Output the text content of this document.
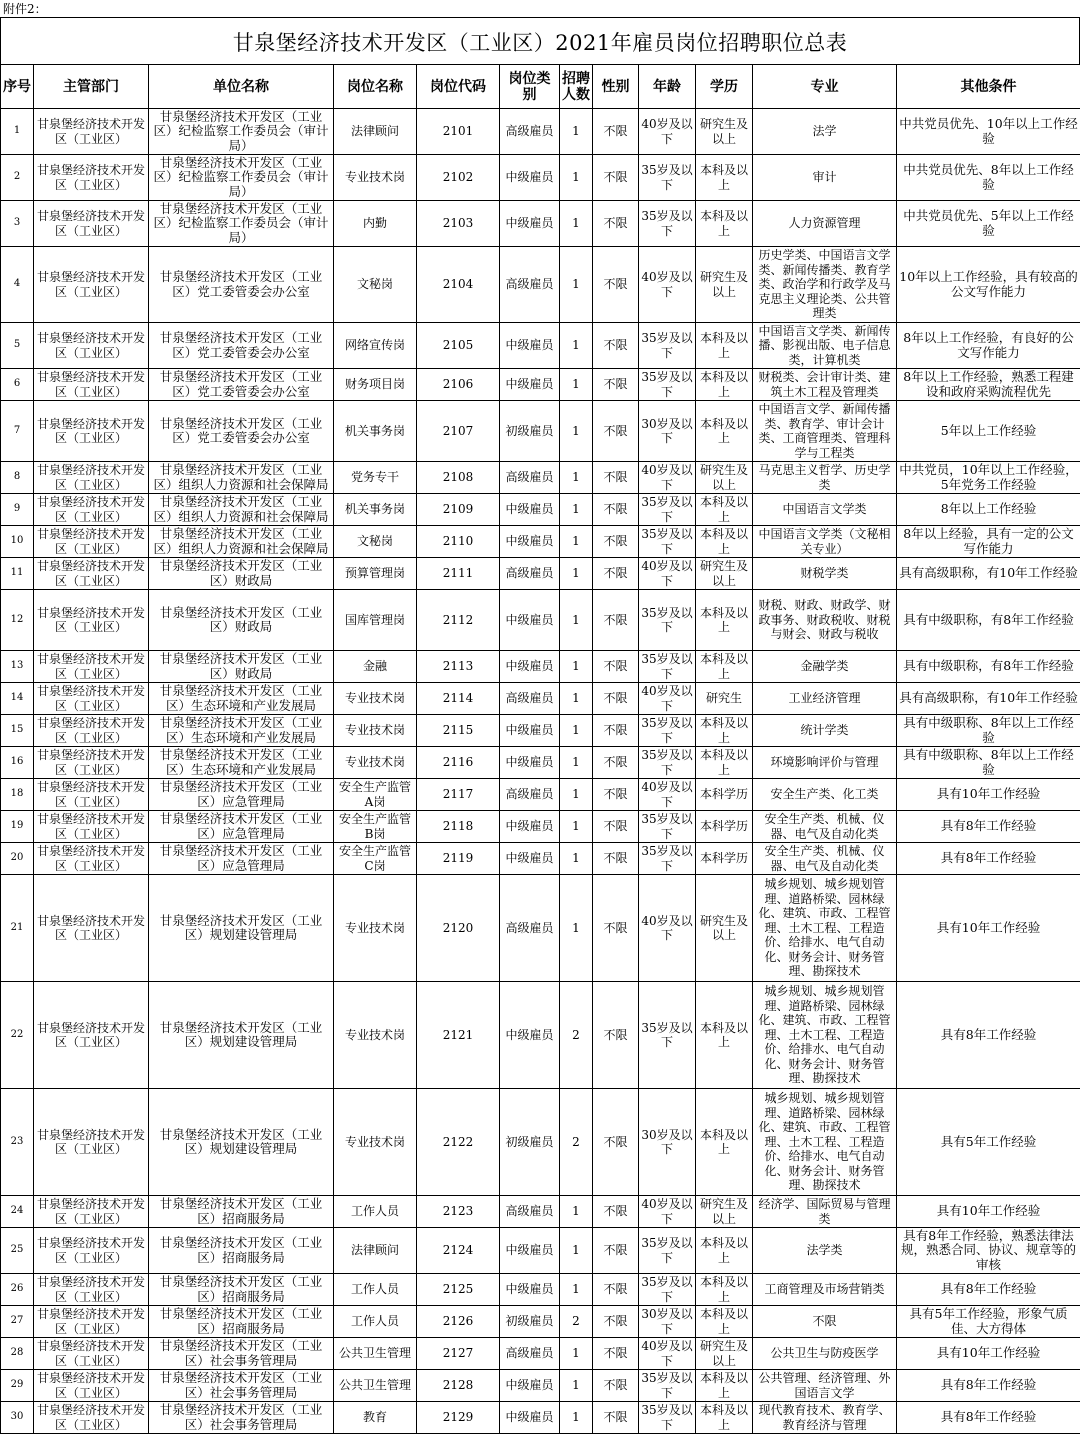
附件2：
甘泉堡经济技术开发区（工业区）2021年雇员岗位招聘职位总表
序号	主管部门	单位名称	岗位名称	岗位代码	岗位类别	招聘人数	性别	年龄	学历	专业	其他条件
1	甘泉堡经济技术开发区（工业区）	甘泉堡经济技术开发区（工业区）纪检监察工作委员会（审计局）	法律顾问	2101	高级雇员	1	不限	40岁及以下	研究生及以上	法学	中共党员优先、10年以上工作经验
2	甘泉堡经济技术开发区（工业区）	甘泉堡经济技术开发区（工业区）纪检监察工作委员会（审计局）	专业技术岗	2102	中级雇员	1	不限	35岁及以下	本科及以上	审计	中共党员优先、8年以上工作经验
3	甘泉堡经济技术开发区（工业区）	甘泉堡经济技术开发区（工业区）纪检监察工作委员会（审计局）	内勤	2103	中级雇员	1	不限	35岁及以下	本科及以上	人力资源管理	中共党员优先、5年以上工作经验
4	甘泉堡经济技术开发区（工业区）	甘泉堡经济技术开发区（工业区）党工委管委会办公室	文秘岗	2104	高级雇员	1	不限	40岁及以下	研究生及以上	历史学类、中国语言文学类、新闻传播类、教育学类、政治学和行政学及马克思主义理论类、公共管理类	10年以上工作经验，具有较高的公文写作能力
5	甘泉堡经济技术开发区（工业区）	甘泉堡经济技术开发区（工业区）党工委管委会办公室	网络宣传岗	2105	中级雇员	1	不限	35岁及以下	本科及以上	中国语言文学类、新闻传播、影视出版、电子信息类，计算机类	8年以上工作经验，有良好的公文写作能力
6	甘泉堡经济技术开发区（工业区）	甘泉堡经济技术开发区（工业区）党工委管委会办公室	财务项目岗	2106	中级雇员	1	不限	35岁及以下	本科及以上	财税类、会计审计类、建筑土木工程及管理类	8年以上工作经验，熟悉工程建设和政府采购流程优先
7	甘泉堡经济技术开发区（工业区）	甘泉堡经济技术开发区（工业区）党工委管委会办公室	机关事务岗	2107	初级雇员	1	不限	30岁及以下	本科及以上	中国语言文学、新闻传播类、教育学、审计会计类、工商管理类、管理科学与工程类	5年以上工作经验
8	甘泉堡经济技术开发区（工业区）	甘泉堡经济技术开发区（工业区）组织人力资源和社会保障局	党务专干	2108	高级雇员	1	不限	40岁及以下	研究生及以上	马克思主义哲学、历史学类	中共党员，10年以上工作经验，5年党务工作经验
9	甘泉堡经济技术开发区（工业区）	甘泉堡经济技术开发区（工业区）组织人力资源和社会保障局	机关事务岗	2109	中级雇员	1	不限	35岁及以下	本科及以上	中国语言文学类	8年以上工作经验
10	甘泉堡经济技术开发区（工业区）	甘泉堡经济技术开发区（工业区）组织人力资源和社会保障局	文秘岗	2110	中级雇员	1	不限	35岁及以下	本科及以上	中国语言文学类（文秘相关专业）	8年以上经验，具有一定的公文写作能力
11	甘泉堡经济技术开发区（工业区）	甘泉堡经济技术开发区（工业区）财政局	预算管理岗	2111	高级雇员	1	不限	40岁及以下	研究生及以上	财税学类	具有高级职称，有10年工作经验
12	甘泉堡经济技术开发区（工业区）	甘泉堡经济技术开发区（工业区）财政局	国库管理岗	2112	中级雇员	1	不限	35岁及以下	本科及以上	财税、财政、财政学、财政事务、财政税收、财税与财会、财政与税收	具有中级职称，有8年工作经验
13	甘泉堡经济技术开发区（工业区）	甘泉堡经济技术开发区（工业区）财政局	金融	2113	中级雇员	1	不限	35岁及以下	本科及以上	金融学类	具有中级职称，有8年工作经验
14	甘泉堡经济技术开发区（工业区）	甘泉堡经济技术开发区（工业区）生态环境和产业发展局	专业技术岗	2114	高级雇员	1	不限	40岁及以下	研究生	工业经济管理	具有高级职称，有10年工作经验
15	甘泉堡经济技术开发区（工业区）	甘泉堡经济技术开发区（工业区）生态环境和产业发展局	专业技术岗	2115	中级雇员	1	不限	35岁及以下	本科及以上	统计学类	具有中级职称、8年以上工作经验
16	甘泉堡经济技术开发区（工业区）	甘泉堡经济技术开发区（工业区）生态环境和产业发展局	专业技术岗	2116	中级雇员	1	不限	35岁及以下	本科及以上	环境影响评价与管理	具有中级职称、8年以上工作经验
18	甘泉堡经济技术开发区（工业区）	甘泉堡经济技术开发区（工业区）应急管理局	安全生产监管A岗	2117	高级雇员	1	不限	40岁及以下	本科学历	安全生产类、化工类	具有10年工作经验
19	甘泉堡经济技术开发区（工业区）	甘泉堡经济技术开发区（工业区）应急管理局	安全生产监管B岗	2118	中级雇员	1	不限	35岁及以下	本科学历	安全生产类、机械、仪器、电气及自动化类	具有8年工作经验
20	甘泉堡经济技术开发区（工业区）	甘泉堡经济技术开发区（工业区）应急管理局	安全生产监管C岗	2119	中级雇员	1	不限	35岁及以下	本科学历	安全生产类、机械、仪器、电气及自动化类	具有8年工作经验
21	甘泉堡经济技术开发区（工业区）	甘泉堡经济技术开发区（工业区）规划建设管理局	专业技术岗	2120	高级雇员	1	不限	40岁及以下	研究生及以上	城乡规划、城乡规划管理、道路桥梁、园林绿化、建筑、市政、工程管理、土木工程、工程造价、给排水、电气自动化、财务会计、财务管理、勘探技术	具有10年工作经验
22	甘泉堡经济技术开发区（工业区）	甘泉堡经济技术开发区（工业区）规划建设管理局	专业技术岗	2121	中级雇员	2	不限	35岁及以下	本科及以上	城乡规划、城乡规划管理、道路桥梁、园林绿化、建筑、市政、工程管理、土木工程、工程造价、给排水、电气自动化、财务会计、财务管理、勘探技术	具有8年工作经验
23	甘泉堡经济技术开发区（工业区）	甘泉堡经济技术开发区（工业区）规划建设管理局	专业技术岗	2122	初级雇员	2	不限	30岁及以下	本科及以上	城乡规划、城乡规划管理、道路桥梁、园林绿化、建筑、市政、工程管理、土木工程、工程造价、给排水、电气自动化、财务会计、财务管理、勘探技术	具有5年工作经验
24	甘泉堡经济技术开发区（工业区）	甘泉堡经济技术开发区（工业区）招商服务局	工作人员	2123	高级雇员	1	不限	40岁及以下	研究生及以上	经济学、国际贸易与管理类	具有10年工作经验
25	甘泉堡经济技术开发区（工业区）	甘泉堡经济技术开发区（工业区）招商服务局	法律顾问	2124	中级雇员	1	不限	35岁及以下	本科及以上	法学类	具有8年工作经验，熟悉法律法规，熟悉合同、协议、规章等的审核
26	甘泉堡经济技术开发区（工业区）	甘泉堡经济技术开发区（工业区）招商服务局	工作人员	2125	中级雇员	1	不限	35岁及以下	本科及以上	工商管理及市场营销类	具有8年工作经验
27	甘泉堡经济技术开发区（工业区）	甘泉堡经济技术开发区（工业区）招商服务局	工作人员	2126	初级雇员	2	不限	30岁及以下	本科及以上	不限	具有5年工作经验，形象气质佳、大方得体
28	甘泉堡经济技术开发区（工业区）	甘泉堡经济技术开发区（工业区）社会事务管理局	公共卫生管理	2127	高级雇员	1	不限	40岁及以下	研究生及以上	公共卫生与防疫医学	具有10年工作经验
29	甘泉堡经济技术开发区（工业区）	甘泉堡经济技术开发区（工业区）社会事务管理局	公共卫生管理	2128	中级雇员	1	不限	35岁及以下	本科及以上	公共管理、经济管理、外国语言文学	具有8年工作经验
30	甘泉堡经济技术开发区（工业区）	甘泉堡经济技术开发区（工业区）社会事务管理局	教育	2129	中级雇员	1	不限	35岁及以下	本科及以上	现代教育技术、教育学、教育经济与管理	具有8年工作经验
